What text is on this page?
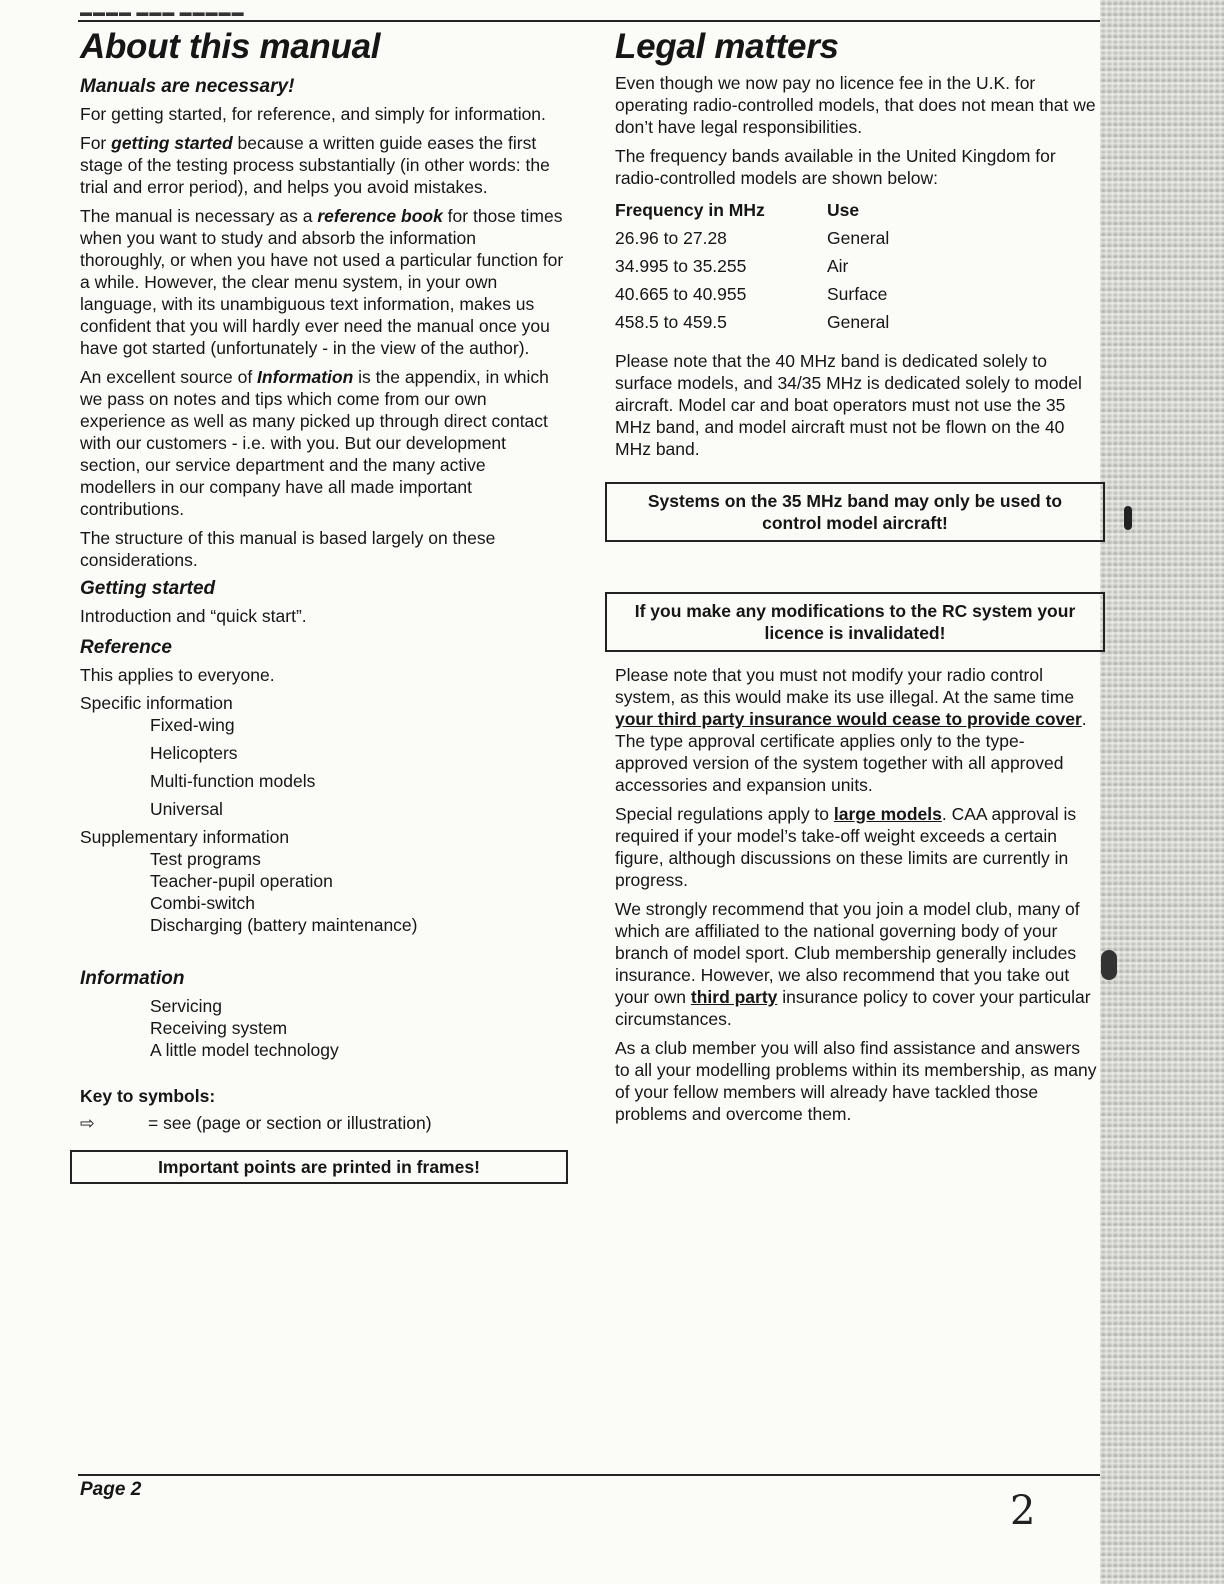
▬▬▬▬ ▬▬▬ ▬▬▬▬▬
About this manual
Manuals are necessary!

For getting started, for reference, and simply for information.

For getting started because a written guide eases the first stage of the testing process substantially (in other words: the trial and error period), and helps you avoid mistakes.

The manual is necessary as a reference book for those times when you want to study and absorb the information thoroughly, or when you have not used a particular function for a while. However, the clear menu system, in your own language, with its unambiguous text information, makes us confident that you will hardly ever need the manual once you have got started (unfortunately - in the view of the author).

An excellent source of Information is the appendix, in which we pass on notes and tips which come from our own experience as well as many picked up through direct contact with our customers - i.e. with you. But our development section, our service department and the many active modellers in our company have all made important contributions.

The structure of this manual is based largely on these considerations.

Getting started

Introduction and “quick start”.

Reference

This applies to everyone.

Specific information

Fixed-wing

Helicopters

Multi-function models

Universal

Supplementary information

Test programs

Teacher-pupil operation

Combi-switch

Discharging (battery maintenance)

Information

Servicing

Receiving system

A little model technology

Key to symbols:

⇨	= see (page or section or illustration)
Important points are printed in frames!
Legal matters

Even though we now pay no licence fee in the U.K. for operating radio-controlled models, that does not mean that we don’t have legal responsibilities.

The frequency bands available in the United Kingdom for radio-controlled models are shown below:

Frequency in MHz	Use
26.96 to 27.28	General
34.995 to 35.255	Air
40.665 to 40.955	Surface
458.5 to 459.5	General

Please note that the 40 MHz band is dedicated solely to surface models, and 34/35 MHz is dedicated solely to model aircraft. Model car and boat operators must not use the 35 MHz band, and model aircraft must not be flown on the 40 MHz band.

Systems on the 35 MHz band may only be used to control model aircraft!
If you make any modifications to the RC system your licence is invalidated!

Please note that you must not modify your radio control system, as this would make its use illegal. At the same time your third party insurance would cease to provide cover. The type approval certificate applies only to the type-approved version of the system together with all approved accessories and expansion units.

Special regulations apply to large models. CAA approval is required if your model’s take-off weight exceeds a certain figure, although discussions on these limits are currently in progress.

We strongly recommend that you join a model club, many of which are affiliated to the national governing body of your branch of model sport. Club membership generally includes insurance. However, we also recommend that you take out your own third party insurance policy to cover your particular circumstances.

As a club member you will also find assistance and answers to all your modelling problems within its membership, as many of your fellow members will already have tackled those problems and overcome them.

Page 2	2
